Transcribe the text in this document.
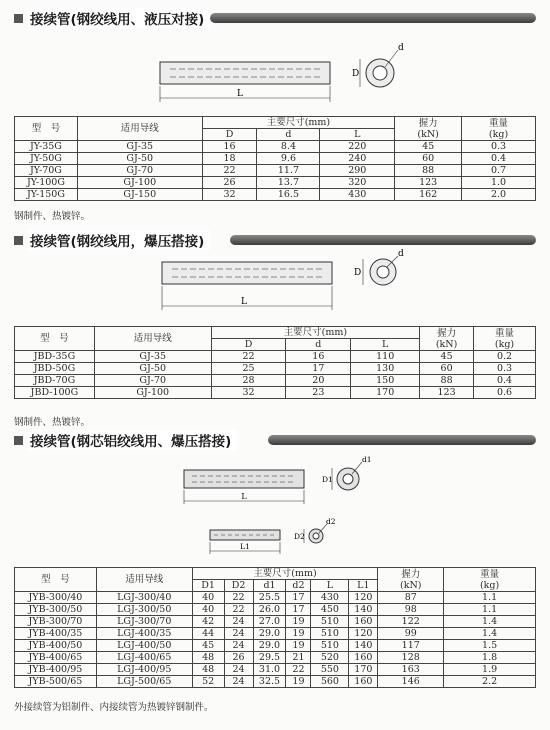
接续管(钢绞线用、液压对接)
L
D
d
型　号	适用导线	主要尺寸(mm)			握力
(kN)	重量
(kg)
		D	d	L		
JY-35G	GJ-35	16	8.4	220	45	0.3
JY-50G	GJ-50	18	9.6	240	60	0.4
JY-70G	GJ-70	22	11.7	290	88	0.7
JY-100G	GJ-100	26	13.7	320	123	1.0
JY-150G	GJ-150	32	16.5	430	162	2.0
钢制件、热镀锌。
接续管(钢绞线用，爆压搭接)
L
D
d
型　号	适用导线	主要尺寸(mm)			握力
(kN)	重量
(kg)
		D	d	L		
JBD-35G	GJ-35	22	16	110	45	0.2
JBD-50G	GJ-50	25	17	130	60	0.3
JBD-70G	GJ-70	28	20	150	88	0.4
JBD-100G	GJ-100	32	23	170	123	0.6
钢制件、热镀锌。
接续管(钢芯铝绞线用、爆压搭接)
L
D1
d1
L1
D2
d2
型　号	适用导线	主要尺寸(mm)						握力
(kN)	重量
(kg)
		D1	D2	d1	d2	L	L1		
JYB-300/40	LGJ-300/40	40	22	25.5	17	430	120	87	1.1
JYB-300/50	LGJ-300/50	40	22	26.0	17	450	140	98	1.1
JYB-300/70	LGJ-300/70	42	24	27.0	19	510	160	122	1.4
JYB-400/35	LGJ-400/35	44	24	29.0	19	510	120	99	1.4
JYB-400/50	LGJ-400/50	45	24	29.0	19	510	140	117	1.5
JYB-400/65	LGJ-400/65	48	26	29.5	21	520	160	128	1.8
JYB-400/95	LGJ-400/95	48	24	31.0	22	550	170	163	1.9
JYB-500/65	LGJ-500/65	52	24	32.5	19	560	160	146	2.2
外接续管为铝制件、内接续管为热镀锌钢制件。
